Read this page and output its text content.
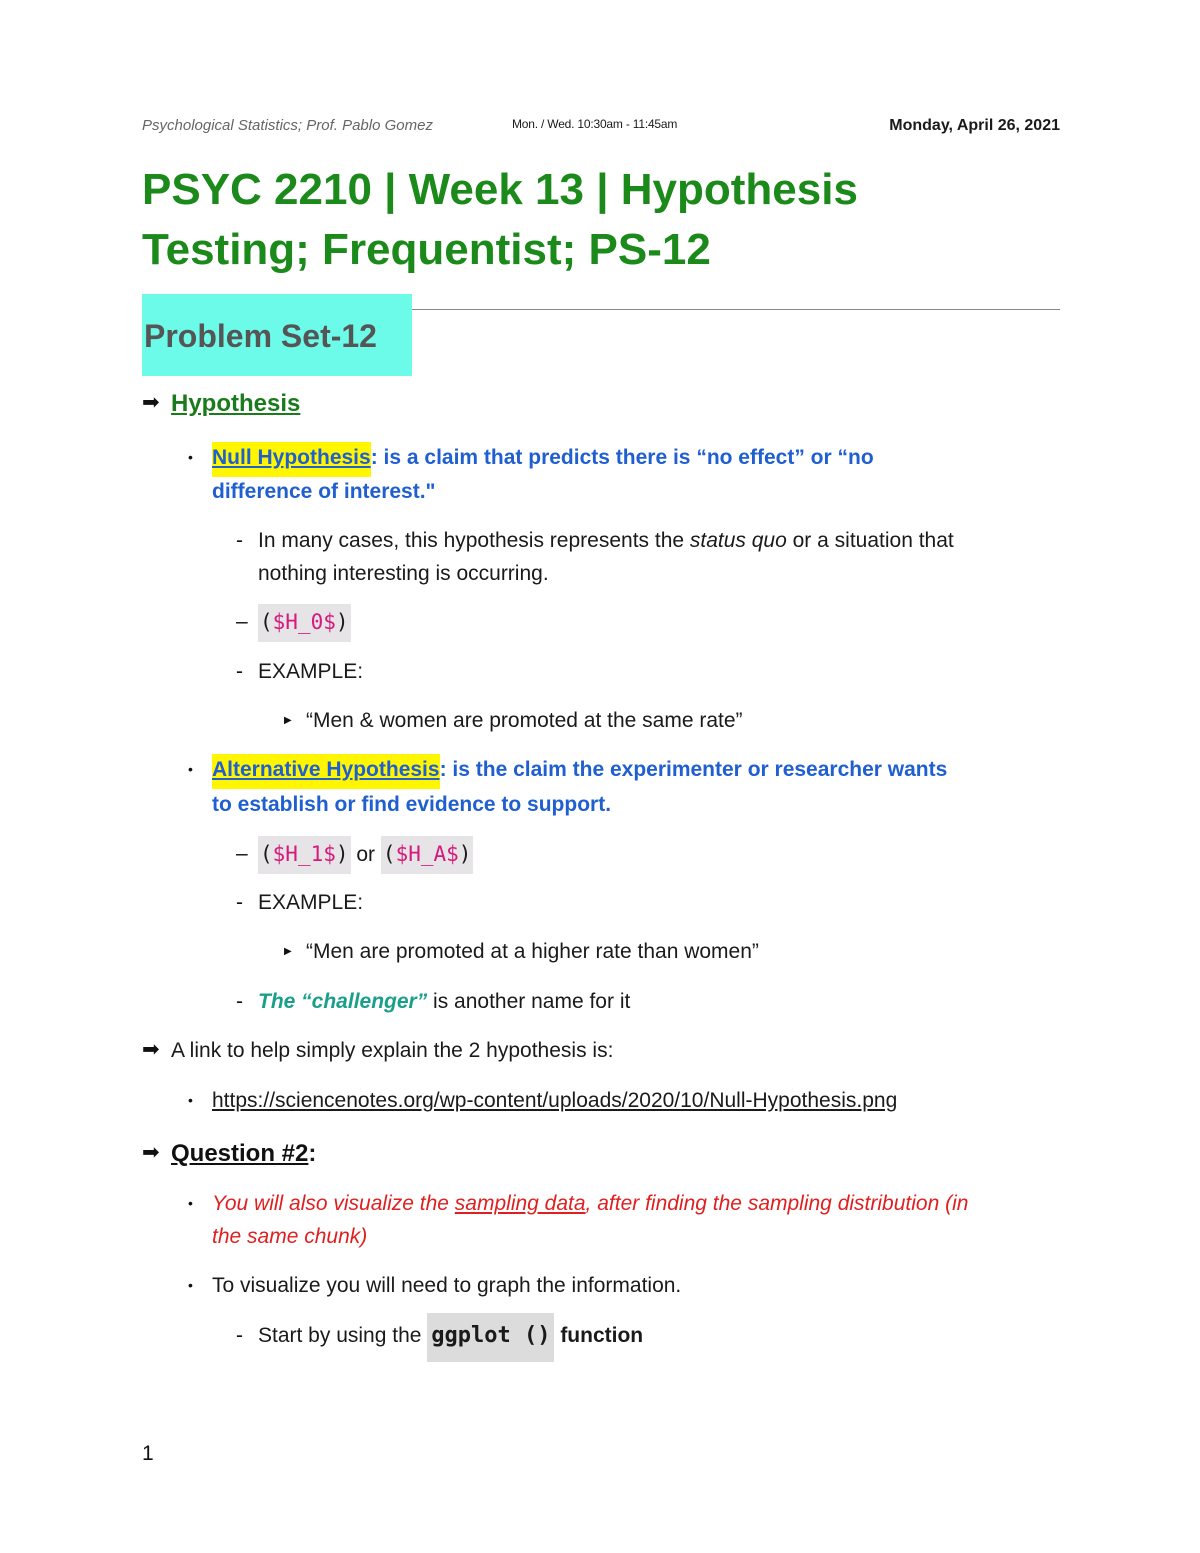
Psychological Statistics; Prof. Pablo Gomez	Mon. / Wed. 10:30am - 11:45am	Monday, April 26, 2021
PSYC 2210 | Week 13 | Hypothesis
Testing; Frequentist; PS-12
Problem Set-12
➡ Hypothesis
• Null Hypothesis: is a claim that predicts there is “no effect” or “no
difference of interest."
- In many cases, this hypothesis represents the status quo or a situation that
nothing interesting is occurring.
– ($H_0$)
- EXAMPLE:
▶ “Men & women are promoted at the same rate”
• Alternative Hypothesis: is the claim the experimenter or researcher wants
to establish or find evidence to support.
– ($H_1$) or ($H_A$)
- EXAMPLE:
▶ “Men are promoted at a higher rate than women”
- The “challenger” is another name for it
➡ A link to help simply explain the 2 hypothesis is:
• https://sciencenotes.org/wp-content/uploads/2020/10/Null-Hypothesis.png
➡ Question #2:
• You will also visualize the sampling data, after finding the sampling distribution (in
the same chunk)
• To visualize you will need to graph the information.
- Start by using the ggplot () function
1
